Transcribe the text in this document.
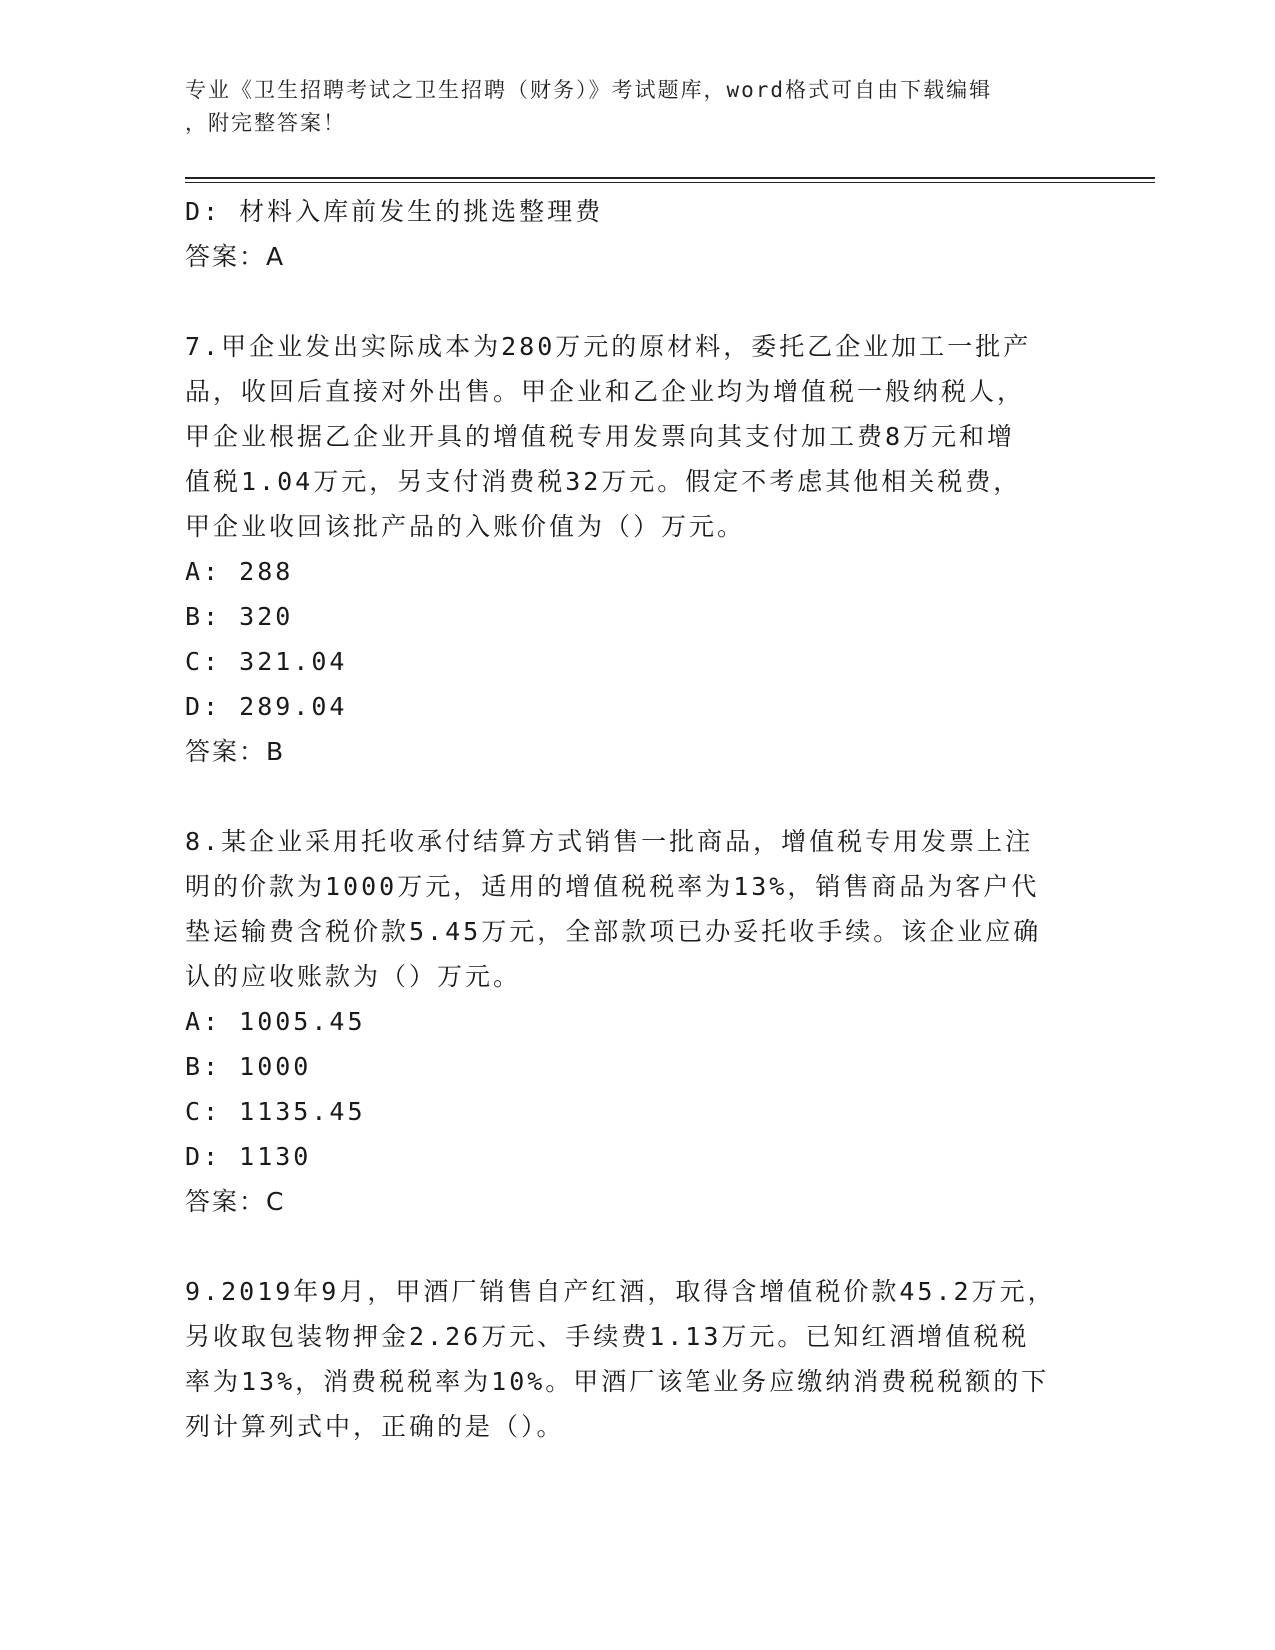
专业《卫生招聘考试之卫生招聘（财务）》考试题库，word格式可自由下载编辑
，附完整答案！
D: 材料入库前发生的挑选整理费
答案：A
7.甲企业发出实际成本为280万元的原材料，委托乙企业加工一批产
品，收回后直接对外出售。甲企业和乙企业均为增值税一般纳税人，
甲企业根据乙企业开具的增值税专用发票向其支付加工费8万元和增
值税1.04万元，另支付消费税32万元。假定不考虑其他相关税费，
甲企业收回该批产品的入账价值为（）万元。
A: 288
B: 320
C: 321.04
D: 289.04
答案：B
8.某企业采用托收承付结算方式销售一批商品，增值税专用发票上注
明的价款为1000万元，适用的增值税税率为13%，销售商品为客户代
垫运输费含税价款5.45万元，全部款项已办妥托收手续。该企业应确
认的应收账款为（）万元。
A: 1005.45
B: 1000
C: 1135.45
D: 1130
答案：C
9.2019年9月，甲酒厂销售自产红酒，取得含增值税价款45.2万元，
另收取包装物押金2.26万元、手续费1.13万元。已知红酒增值税税
率为13%，消费税税率为10%。甲酒厂该笔业务应缴纳消费税税额的下
列计算列式中，正确的是（）。
